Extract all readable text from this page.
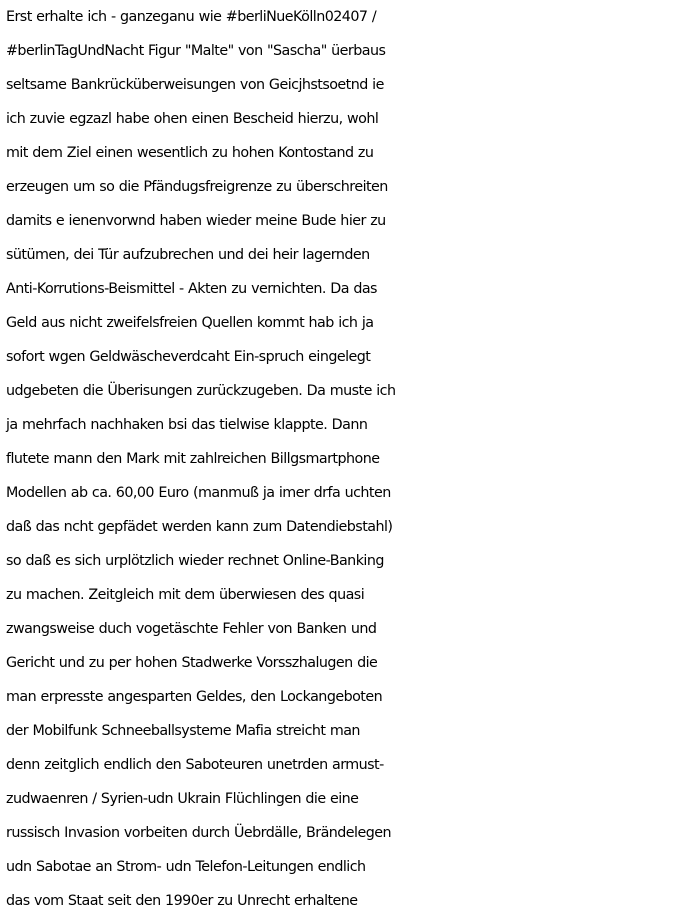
Erst erhalte ich - ganzeganu wie #berliNueKölln02407 /
#berlinTagUndNacht Figur "Malte" von "Sascha" üerbaus
seltsame Bankrücküberweisungen von Geicjhstsoetnd ie
ich zuvie egzazl habe ohen einen Bescheid hierzu, wohl
mit dem Ziel einen wesentlich zu hohen Kontostand zu
erzeugen um so die Pfändugsfreigrenze zu überschreiten
damits e ienenvorwnd haben wieder meine Bude hier zu
sütümen, dei Tür aufzubrechen und dei heir lagernden
Anti-Korrutions-Beismittel - Akten zu vernichten. Da das
Geld aus nicht zweifelsfreien Quellen kommt hab ich ja
sofort wgen Geldwäscheverdcaht Ein-spruch eingelegt
udgebeten die Überisungen zurückzugeben. Da muste ich
ja mehrfach nachhaken bsi das tielwise klappte. Dann
flutete mann den Mark mit zahlreichen Billgsmartphone
Modellen ab ca. 60,00 Euro (manmuß ja imer drfa uchten
daß das ncht gepfädet werden kann zum Datendiebstahl)
so daß es sich urplötzlich wieder rechnet Online-Banking
zu machen. Zeitgleich mit dem überwiesen des quasi
zwangsweise duch vogetäschte Fehler von Banken und
Gericht und zu per hohen Stadwerke Vorsszhalugen die
man erpresste angesparten Geldes, den Lockangeboten
der Mobilfunk Schneeballsysteme Mafia streicht man
denn zeitglich endlich den Saboteuren unetrden armust-
zudwaenren / Syrien-udn Ukrain Flüchlingen die eine
russisch Invasion vorbeiten durch Üebrdälle, Brändelegen
udn Sabotae an Strom- udn Telefon-Leitungen endlich
das vom Staat seit den 1990er zu Unrecht erhaltene
